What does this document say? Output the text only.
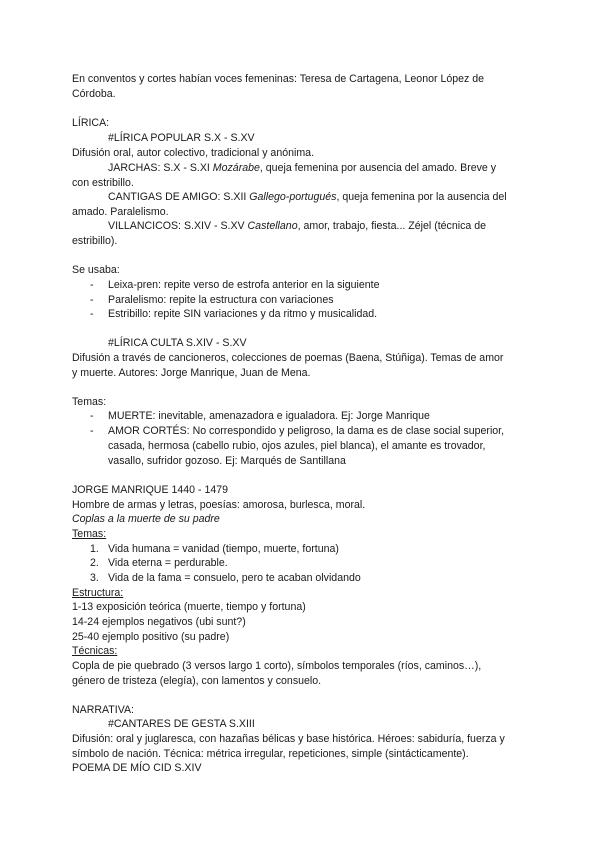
En conventos y cortes habían voces femeninas: Teresa de Cartagena, Leonor López de
Córdoba.
LÍRICA:
#LÍRICA POPULAR S.X - S.XV
Difusión oral, autor colectivo, tradicional y anónima.
JARCHAS: S.X - S.XI Mozárabe, queja femenina por ausencia del amado. Breve y
con estribillo.
CANTIGAS DE AMIGO: S.XII Gallego-portugués, queja femenina por la ausencia del
amado. Paralelismo.
VILLANCICOS: S.XIV - S.XV Castellano, amor, trabajo, fiesta... Zéjel (técnica de
estribillo).
Se usaba:
- Leixa-pren: repite verso de estrofa anterior en la siguiente
- Paralelismo: repite la estructura con variaciones
- Estribillo: repite SIN variaciones y da ritmo y musicalidad.
#LÍRICA CULTA S.XIV - S.XV
Difusión a través de cancioneros, colecciones de poemas (Baena, Stúñiga). Temas de amor
y muerte. Autores: Jorge Manrique, Juan de Mena.
Temas:
- MUERTE: inevitable, amenazadora e igualadora. Ej: Jorge Manrique
- AMOR CORTÉS: No correspondido y peligroso, la dama es de clase social superior,
casada, hermosa (cabello rubio, ojos azules, piel blanca), el amante es trovador,
vasallo, sufridor gozoso. Ej: Marqués de Santillana
JORGE MANRIQUE 1440 - 1479
Hombre de armas y letras, poesías: amorosa, burlesca, moral.
Coplas a la muerte de su padre
Temas:
1. Vida humana = vanidad (tiempo, muerte, fortuna)
2. Vida eterna = perdurable.
3. Vida de la fama = consuelo, pero te acaban olvidando
Estructura:
1-13 exposición teórica (muerte, tiempo y fortuna)
14-24 ejemplos negativos (ubi sunt?)
25-40 ejemplo positivo (su padre)
Técnicas:
Copla de pie quebrado (3 versos largo 1 corto), símbolos temporales (ríos, caminos…),
género de tristeza (elegía), con lamentos y consuelo.
NARRATIVA:
#CANTARES DE GESTA S.XIII
Difusión: oral y juglaresca, con hazañas bélicas y base histórica. Héroes: sabiduría, fuerza y
símbolo de nación. Técnica: métrica irregular, repeticiones, simple (sintácticamente).
POEMA DE MÍO CID S.XIV
